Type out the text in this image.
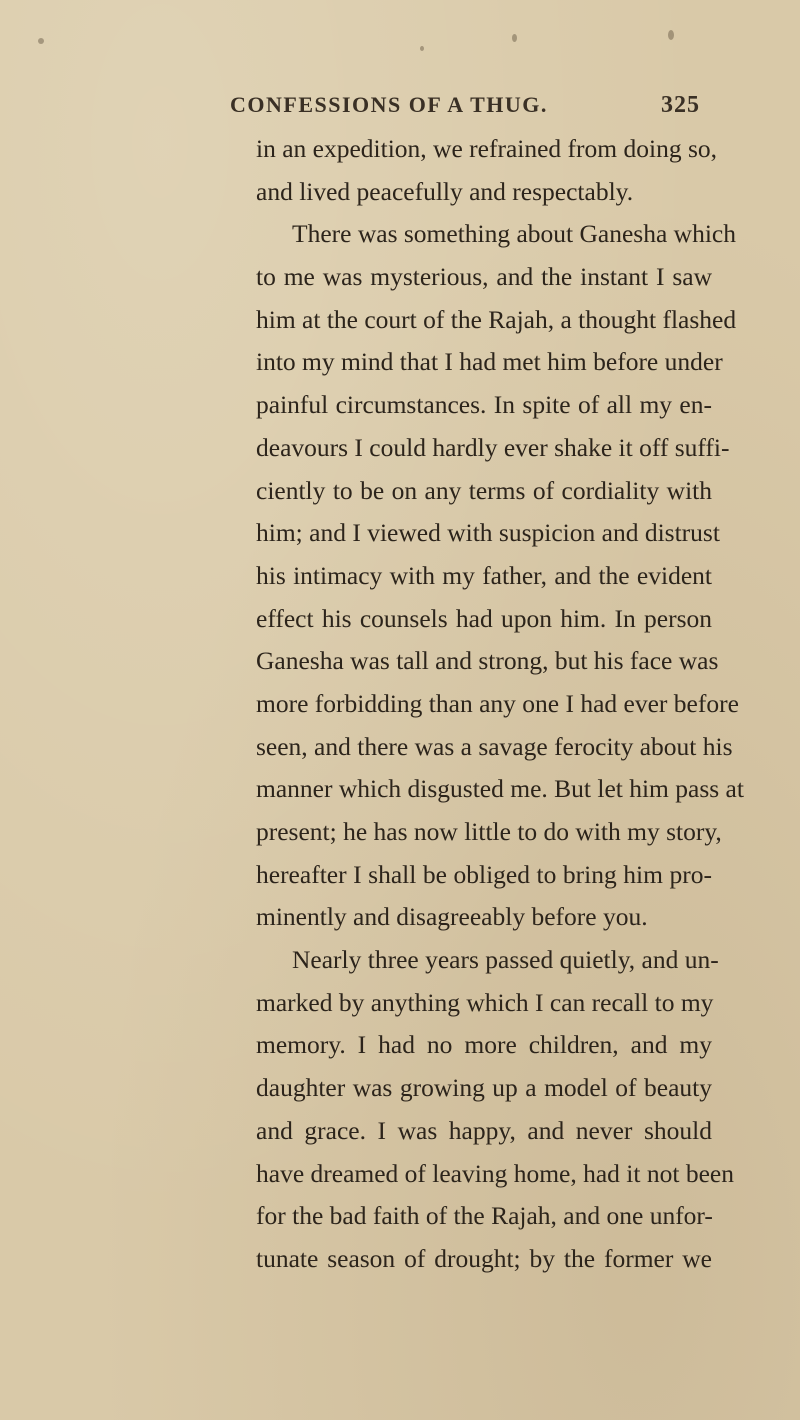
CONFESSIONS OF A THUG.	325
in an expedition, we refrained from doing so,
and lived peacefully and respectably.
There was something about Ganesha which
to me was mysterious, and the instant I saw
him at the court of the Rajah, a thought flashed
into my mind that I had met him before under
painful circumstances. In spite of all my en-
deavours I could hardly ever shake it off suffi-
ciently to be on any terms of cordiality with
him; and I viewed with suspicion and distrust
his intimacy with my father, and the evident
effect his counsels had upon him. In person
Ganesha was tall and strong, but his face was
more forbidding than any one I had ever before
seen, and there was a savage ferocity about his
manner which disgusted me. But let him pass at
present; he has now little to do with my story,
hereafter I shall be obliged to bring him pro-
minently and disagreeably before you.
Nearly three years passed quietly, and un-
marked by anything which I can recall to my
memory. I had no more children, and my
daughter was growing up a model of beauty
and grace. I was happy, and never should
have dreamed of leaving home, had it not been
for the bad faith of the Rajah, and one unfor-
tunate season of drought; by the former we
